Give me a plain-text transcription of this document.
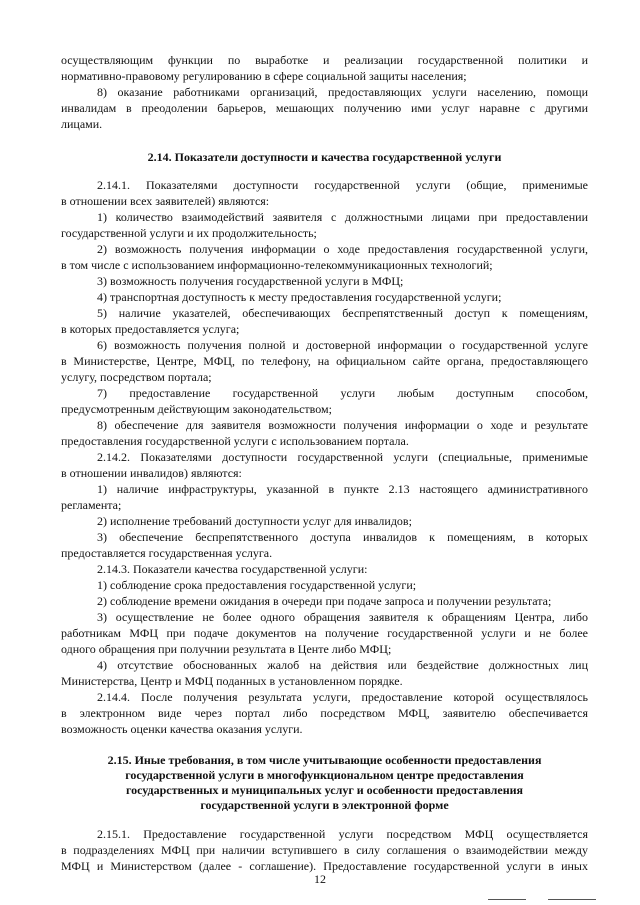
осуществляющим функции по выработке и реализации государственной политики и

нормативно-правовому регулированию в сфере социальной защиты населения;

8) оказание работниками организаций, предоставляющих услуги населению, помощи

инвалидам в преодолении барьеров, мешающих получению ими услуг наравне с другими

лицами.

2.14. Показатели доступности и качества государственной услуги

2.14.1. Показателями доступности государственной услуги (общие, применимые

в отношении всех заявителей) являются:

1) количество взаимодействий заявителя с должностными лицами при предоставлении

государственной услуги и их продолжительность;

2) возможность получения информации о ходе предоставления государственной услуги,

в том числе с использованием информационно-телекоммуникационных технологий;

3) возможность получения государственной услуги в МФЦ;

4) транспортная доступность к месту предоставления государственной услуги;

5) наличие указателей, обеспечивающих беспрепятственный доступ к помещениям,

в которых предоставляется услуга;

6) возможность получения полной и достоверной информации о государственной услуге

в Министерстве, Центре, МФЦ, по телефону, на официальном сайте органа, предоставляющего

услугу, посредством портала;

7) предоставление государственной услуги любым доступным способом,

предусмотренным действующим законодательством;

8) обеспечение для заявителя возможности получения информации о ходе и результате

предоставления государственной услуги с использованием портала.

2.14.2. Показателями доступности государственной услуги (специальные, применимые

в отношении инвалидов) являются:

1) наличие инфраструктуры, указанной в пункте 2.13 настоящего административного

регламента;

2) исполнение требований доступности услуг для инвалидов;

3) обеспечение беспрепятственного доступа инвалидов к помещениям, в которых

предоставляется государственная услуга.

2.14.3. Показатели качества государственной услуги:

1) соблюдение срока предоставления государственной услуги;

2) соблюдение времени ожидания в очереди при подаче запроса и получении результата;

3) осуществление не более одного обращения заявителя к обращениям Центра, либо

работникам МФЦ при подаче документов на получение государственной услуги и не более

одного обращения при получнии результата в Центе либо МФЦ;

4) отсутствие обоснованных жалоб на действия или бездействие должностных лиц

Министерства, Центр и МФЦ поданных в установленном порядке.

2.14.4. После получения результата услуги, предоставление которой осуществлялось

в электронном виде через портал либо посредством МФЦ, заявителю обеспечивается

возможность оценки качества оказания услуги.

2.15. Иные требования, в том числе учитывающие особенности предоставления

государственной услуги в многофункциональном центре предоставления

государственных и муниципальных услуг и особенности предоставления

государственной услуги в электронной форме

2.15.1. Предоставление государственной услуги посредством МФЦ осуществляется

в подразделениях МФЦ при наличии вступившего в силу соглашения о взаимодействии между

МФЦ и Министерством (далее - соглашение). Предоставление государственной услуги в иных

12
